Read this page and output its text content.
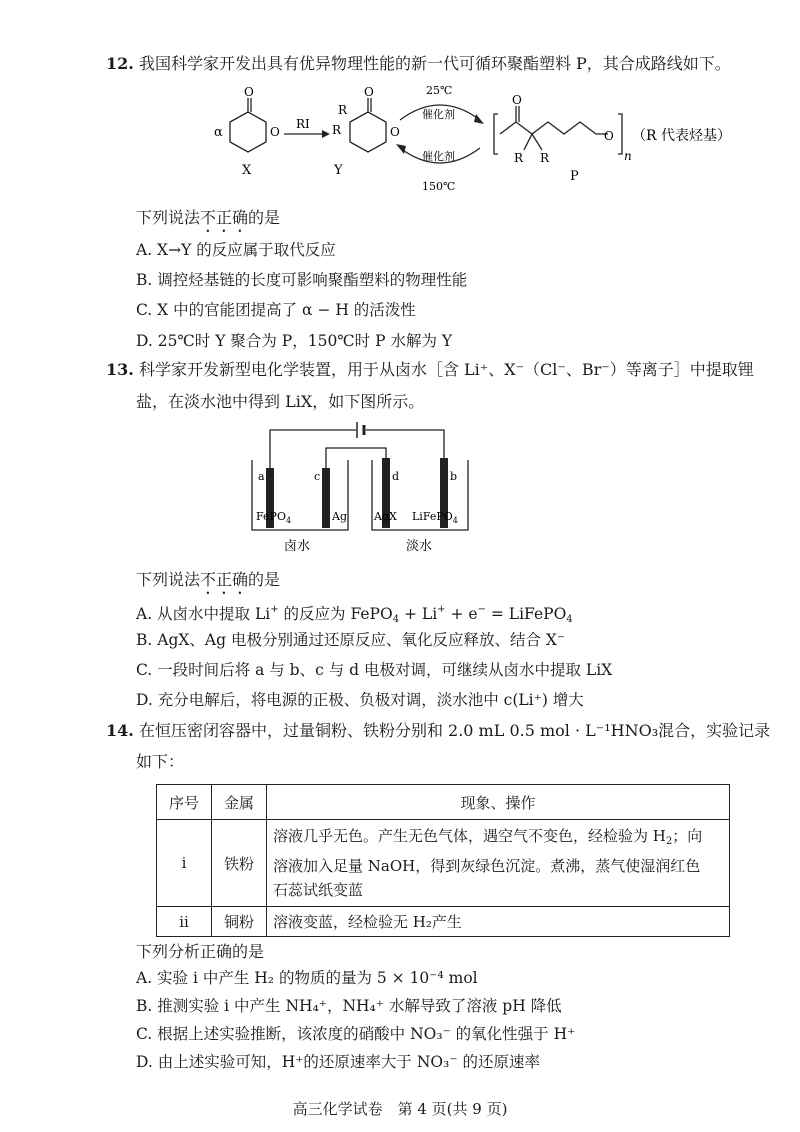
12. 我国科学家开发出具有优异物理性能的新一代可循环聚酯塑料 P，其合成路线如下。
α	O
O
X
RI
R
R	O
O
Y
25℃
催化剂
催化剂
150℃
O
O
R R	n
P
（R 代表烃基）
下列说法不正确的是
A. X→Y 的反应属于取代反应
B. 调控烃基链的长度可影响聚酯塑料的物理性能
C. X 中的官能团提高了 α − H 的活泼性
D. 25℃时 Y 聚合为 P，150℃时 P 水解为 Y
13. 科学家开发新型电化学装置，用于从卤水［含 Li⁺、X⁻（Cl⁻、Br⁻）等离子］中提取锂
盐，在淡水池中得到 LiX，如下图所示。
a	c	d	b
FePO$_4$	Ag AgX LiFePO$_4$
卤水	淡水
下列说法不正确的是
A. 从卤水中提取 Li+ 的反应为 FePO$_4$ + Li+ + e− = LiFePO$_4$
B. AgX、Ag 电极分别通过还原反应、氧化反应释放、结合 X⁻
C. 一段时间后将 a 与 b、c 与 d 电极对调，可继续从卤水中提取 LiX
D. 充分电解后，将电源的正极、负极对调，淡水池中 c(Li⁺) 增大
14. 在恒压密闭容器中，过量铜粉、铁粉分别和 2.0 mL 0.5 mol · L⁻¹HNO₃混合，实验记录
如下：
序号	金属	现象、操作
i	铁粉	溶液几乎无色。产生无色气体，遇空气不变色，经检验为 $H_2$；向
溶液加入足量 NaOH，得到灰绿色沉淀。煮沸，蒸气使湿润红色
石蕊试纸变蓝
ii	铜粉	溶液变蓝，经检验无 H₂产生
下列分析正确的是
A. 实验 i 中产生 H₂ 的物质的量为 5 × 10⁻⁴ mol
B. 推测实验 i 中产生 NH₄⁺，NH₄⁺ 水解导致了溶液 pH 降低
C. 根据上述实验推断，该浓度的硝酸中 NO₃⁻ 的氧化性强于 H⁺
D. 由上述实验可知，H⁺的还原速率大于 NO₃⁻ 的还原速率
高三化学试卷　第 4 页(共 9 页)
